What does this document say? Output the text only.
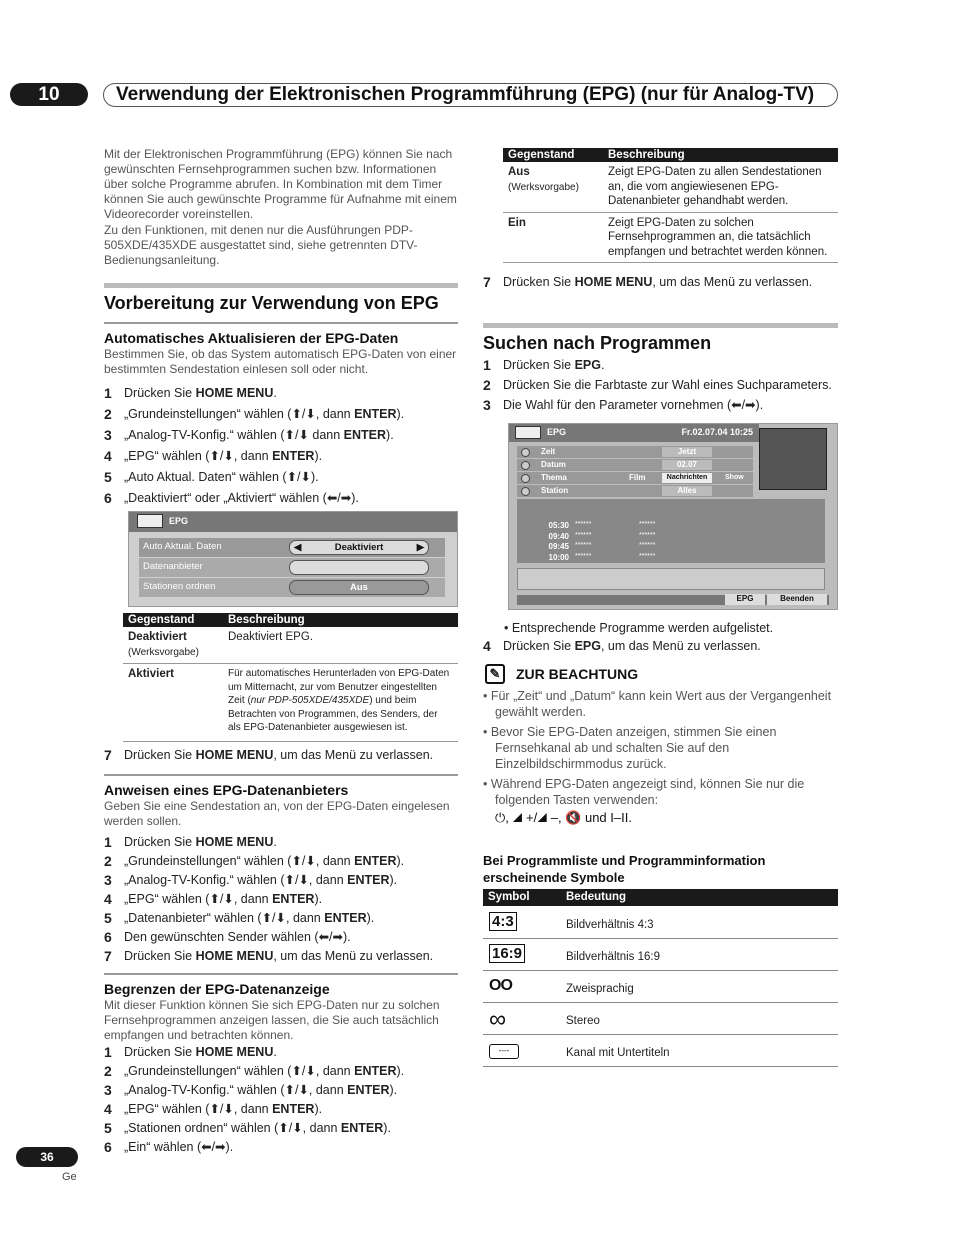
10	Verwendung der Elektronischen Programmführung (EPG) (nur für Analog-TV)
Mit der Elektronischen Programmführung (EPG) können Sie nach gewünschten Fernsehprogrammen suchen bzw. Informationen über solche Programme abrufen. In Kombination mit dem Timer können Sie auch gewünschte Programme für Aufnahme mit einem Videorecorder voreinstellen.
Zu den Funktionen, mit denen nur die Ausführungen PDP-505XDE/435XDE ausgestattet sind, siehe getrennten DTV-Bedienungsanleitung.
Vorbereitung zur Verwendung von EPG
Automatisches Aktualisieren der EPG-Daten
Bestimmen Sie, ob das System automatisch EPG-Daten von einer bestimmten Sendestation einlesen soll oder nicht.
1 Drücken Sie HOME MENU.
2 „Grundeinstellungen“ wählen (⬆/⬇, dann ENTER).
3 „Analog-TV-Konfig.“ wählen (⬆/⬇ dann ENTER).
4 „EPG“ wählen (⬆/⬇, dann ENTER).
5 „Auto Aktual. Daten“ wählen (⬆/⬇).
6 „Deaktiviert“ oder „Aktiviert“ wählen (⬅/➡).
EPG
Auto Aktual. Daten	◀	Deaktiviert	▶
Datenanbieter
Stationen ordnen	Aus
Gegenstand	Beschreibung
Deaktiviert
(Werksvorgabe)	Deaktiviert EPG.
Aktiviert	Für automatisches Herunterladen von EPG-Daten um Mitternacht, zur vom Benutzer eingestellten Zeit (nur PDP-505XDE/435XDE) und beim Betrachten von Programmen, des Senders, der als EPG-Datenanbieter ausgewiesen ist.
7 Drücken Sie HOME MENU, um das Menü zu verlassen.
Anweisen eines EPG-Datenanbieters
Geben Sie eine Sendestation an, von der EPG-Daten eingelesen werden sollen.
1 Drücken Sie HOME MENU.
2 „Grundeinstellungen“ wählen (⬆/⬇, dann ENTER).
3 „Analog-TV-Konfig.“ wählen (⬆/⬇, dann ENTER).
4 „EPG“ wählen (⬆/⬇, dann ENTER).
5 „Datenanbieter“ wählen (⬆/⬇, dann ENTER).
6 Den gewünschten Sender wählen (⬅/➡).
7 Drücken Sie HOME MENU, um das Menü zu verlassen.
Begrenzen der EPG-Datenanzeige
Mit dieser Funktion können Sie sich EPG-Daten nur zu solchen Fernsehprogrammen anzeigen lassen, die Sie auch tatsächlich empfangen und betrachten können.
1 Drücken Sie HOME MENU.
2 „Grundeinstellungen“ wählen (⬆/⬇, dann ENTER).
3 „Analog-TV-Konfig.“ wählen (⬆/⬇, dann ENTER).
4 „EPG“ wählen (⬆/⬇, dann ENTER).
5 „Stationen ordnen“ wählen (⬆/⬇, dann ENTER).
6 „Ein“ wählen (⬅/➡).
Gegenstand	Beschreibung
Aus
(Werksvorgabe)	Zeigt EPG-Daten zu allen Sendestationen an, die vom angiewiesenen EPG-Datenanbieter gehandhabt werden.
Ein	Zeigt EPG-Daten zu solchen Fernsehprogrammen an, die tatsächlich empfangen und betrachtet werden können.
7 Drücken Sie HOME MENU, um das Menü zu verlassen.
Suchen nach Programmen
1 Drücken Sie EPG.
2 Drücken Sie die Farbtaste zur Wahl eines Suchparameters.
3 Die Wahl für den Parameter vornehmen (⬅/➡).
EPG	Fr.02.07.04 10:25
EPG	Beenden
Zeit	Jetzt
Datum	02.07
Thema	Film	Nachrichten	Show
Station	Alles
05:30 ******	******
09:40 ******	******
09:45 ******	******
10:00 ******	******
• Entsprechende Programme werden aufgelistet.
4 Drücken Sie EPG, um das Menü zu verlassen.
✎	ZUR BEACHTUNG
• Für „Zeit“ und „Datum“ kann kein Wert aus der Vergangenheit gewählt werden.
• Bevor Sie EPG-Daten anzeigen, stimmen Sie einen Fernsehkanal ab und schalten Sie auf den Einzelbildschirmmodus zurück.
• Während EPG-Daten angezeigt sind, können Sie nur die folgenden Tasten verwenden:
⏻, ◢ +/◢ –, 🔇 und I–II.
Bei Programmliste und Programminformation erscheinende Symbole
Symbol	Bedeutung
36
Ge
4:3	Bildverhältnis 4:3
16:9	Bildverhältnis 16:9
OO	Zweisprachig
∞	Stereo
----	Kanal mit Untertiteln
